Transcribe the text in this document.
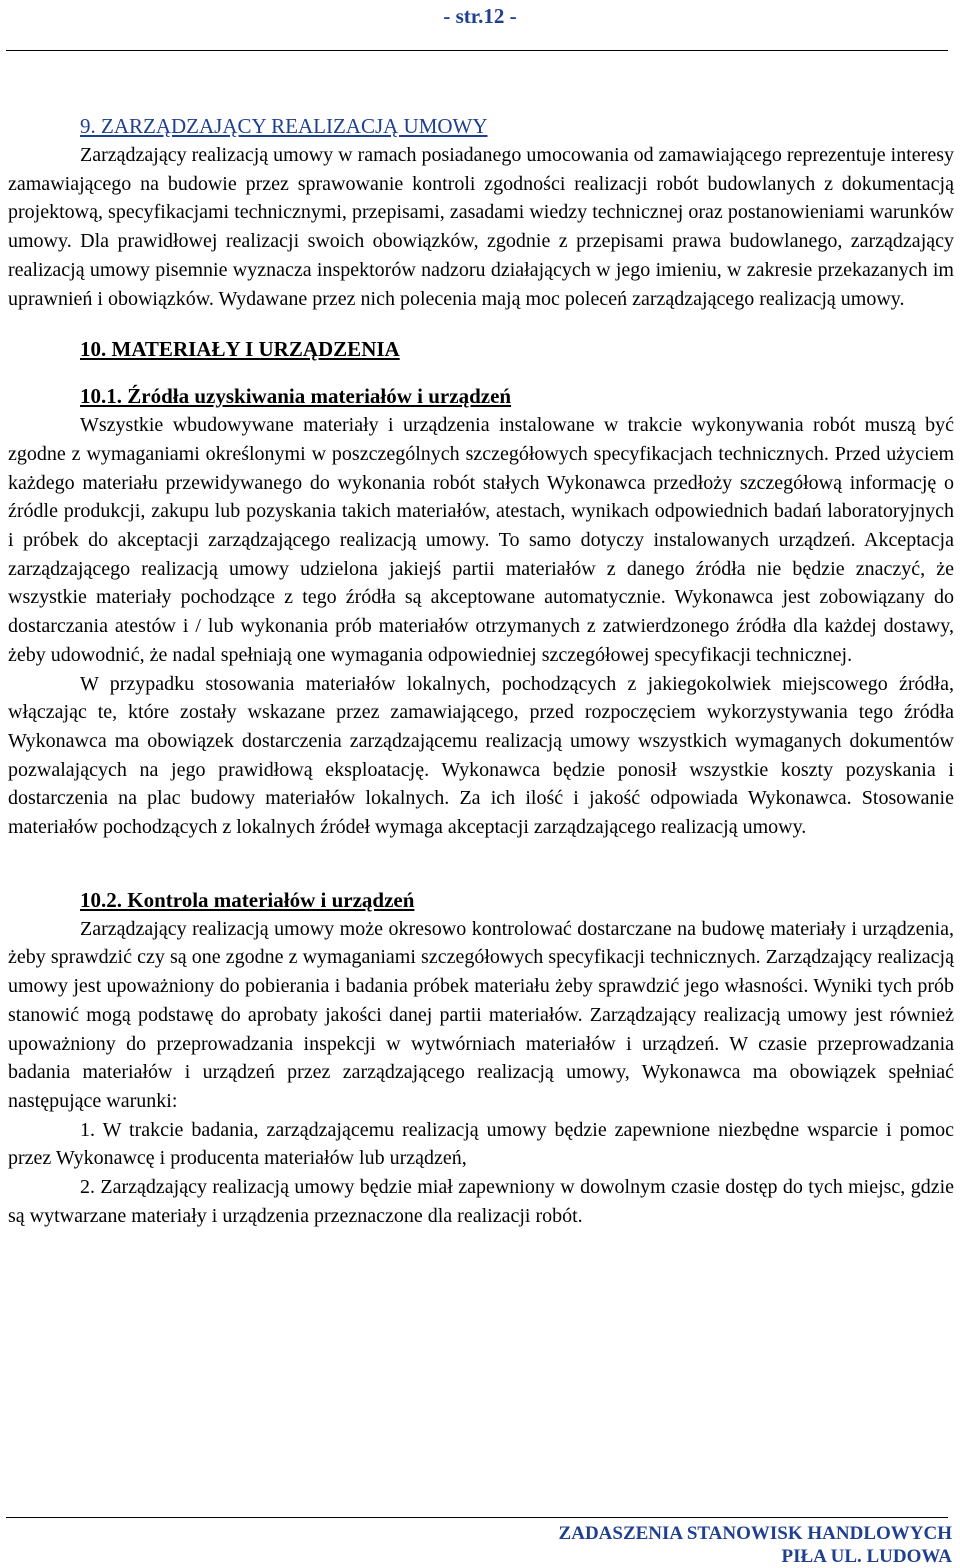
- str.12 -
9. ZARZĄDZAJĄCY REALIZACJĄ UMOWY

Zarządzający realizacją umowy w ramach posiadanego umocowania od zamawiającego reprezentuje interesy zamawiającego na budowie przez sprawowanie kontroli zgodności realizacji robót budowlanych z dokumentacją projektową, specyfikacjami technicznymi, przepisami, zasadami wiedzy technicznej oraz postanowieniami warunków umowy. Dla prawidłowej realizacji swoich obowiązków, zgodnie z przepisami prawa budowlanego, zarządzający realizacją umowy pisemnie wyznacza inspektorów nadzoru działających w jego imieniu, w zakresie przekazanych im uprawnień i obowiązków. Wydawane przez nich polecenia mają moc poleceń zarządzającego realizacją umowy.

10. MATERIAŁY I URZĄDZENIA
10.1. Źródła uzyskiwania materiałów i urządzeń

Wszystkie wbudowywane materiały i urządzenia instalowane w trakcie wykonywania robót muszą być zgodne z wymaganiami określonymi w poszczególnych szczegółowych specyfikacjach technicznych. Przed użyciem każdego materiału przewidywanego do wykonania robót stałych Wykonawca przedłoży szczegółową informację o źródle produkcji, zakupu lub pozyskania takich materiałów, atestach, wynikach odpowiednich badań laboratoryjnych i próbek do akceptacji zarządzającego realizacją umowy. To samo dotyczy instalowanych urządzeń. Akceptacja zarządzającego realizacją umowy udzielona jakiejś partii materiałów z danego źródła nie będzie znaczyć, że wszystkie materiały pochodzące z tego źródła są akceptowane automatycznie. Wykonawca jest zobowiązany do dostarczania atestów i / lub wykonania prób materiałów otrzymanych z zatwierdzonego źródła dla każdej dostawy, żeby udowodnić, że nadal spełniają one wymagania odpowiedniej szczegółowej specyfikacji technicznej.

W przypadku stosowania materiałów lokalnych, pochodzących z jakiegokolwiek miejscowego źródła, włączając te, które zostały wskazane przez zamawiającego, przed rozpoczęciem wykorzystywania tego źródła Wykonawca ma obowiązek dostarczenia zarządzającemu realizacją umowy wszystkich wymaganych dokumentów pozwalających na jego prawidłową eksploatację. Wykonawca będzie ponosił wszystkie koszty pozyskania i dostarczenia na plac budowy materiałów lokalnych. Za ich ilość i jakość odpowiada Wykonawca. Stosowanie materiałów pochodzących z lokalnych źródeł wymaga akceptacji zarządzającego realizacją umowy.

10.2. Kontrola materiałów i urządzeń

Zarządzający realizacją umowy może okresowo kontrolować dostarczane na budowę materiały i urządzenia, żeby sprawdzić czy są one zgodne z wymaganiami szczegółowych specyfikacji technicznych. Zarządzający realizacją umowy jest upoważniony do pobierania i badania próbek materiału żeby sprawdzić jego własności. Wyniki tych prób stanowić mogą podstawę do aprobaty jakości danej partii materiałów. Zarządzający realizacją umowy jest również upoważniony do przeprowadzania inspekcji w wytwórniach materiałów i urządzeń. W czasie przeprowadzania badania materiałów i urządzeń przez zarządzającego realizacją umowy, Wykonawca ma obowiązek spełniać następujące warunki:

1. W trakcie badania, zarządzającemu realizacją umowy będzie zapewnione niezbędne wsparcie i pomoc przez Wykonawcę i producenta materiałów lub urządzeń,

2. Zarządzający realizacją umowy będzie miał zapewniony w dowolnym czasie dostęp do tych miejsc, gdzie są wytwarzane materiały i urządzenia przeznaczone dla realizacji robót.

ZADASZENIA STANOWISK HANDLOWYCH
PIŁA UL. LUDOWA
